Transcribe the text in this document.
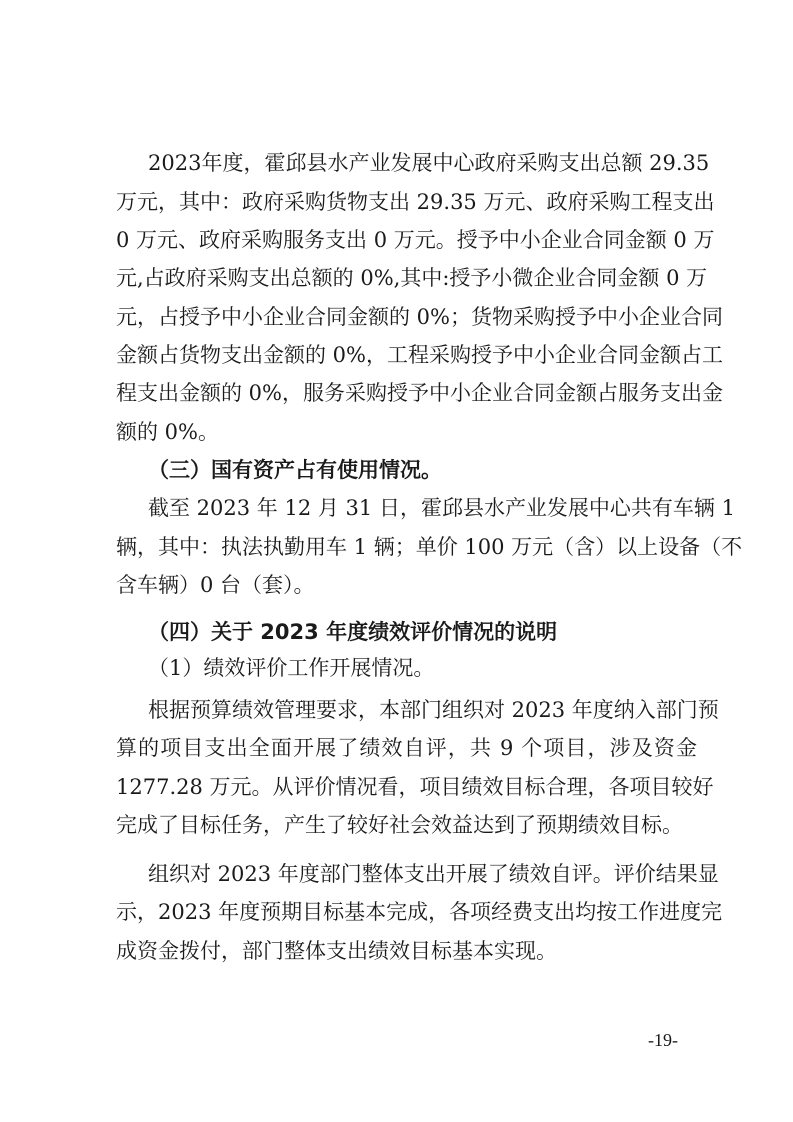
2023年度，霍邱县水产业发展中心政府采购支出总额 29.35
万元，其中：政府采购货物支出 29.35 万元、政府采购工程支出
0 万元、政府采购服务支出 0 万元。授予中小企业合同金额 0 万
元,占政府采购支出总额的 0%,其中:授予小微企业合同金额 0 万
元，占授予中小企业合同金额的 0%；货物采购授予中小企业合同
金额占货物支出金额的 0%，工程采购授予中小企业合同金额占工
程支出金额的 0%，服务采购授予中小企业合同金额占服务支出金
额的 0%。
（三）国有资产占有使用情况。
截至 2023 年 12 月 31 日，霍邱县水产业发展中心共有车辆 1
辆，其中：执法执勤用车 1 辆；单价 100 万元（含）以上设备（不
含车辆）0 台（套）。
（四）关于 2023 年度绩效评价情况的说明
（1）绩效评价工作开展情况。
根据预算绩效管理要求，本部门组织对 2023 年度纳入部门预
算的项目支出全面开展了绩效自评，共 9 个项目，涉及资金
1277.28 万元。从评价情况看，项目绩效目标合理，各项目较好
完成了目标任务，产生了较好社会效益达到了预期绩效目标。
组织对 2023 年度部门整体支出开展了绩效自评。评价结果显
示，2023 年度预期目标基本完成，各项经费支出均按工作进度完
成资金拨付，部门整体支出绩效目标基本实现。
-19-
